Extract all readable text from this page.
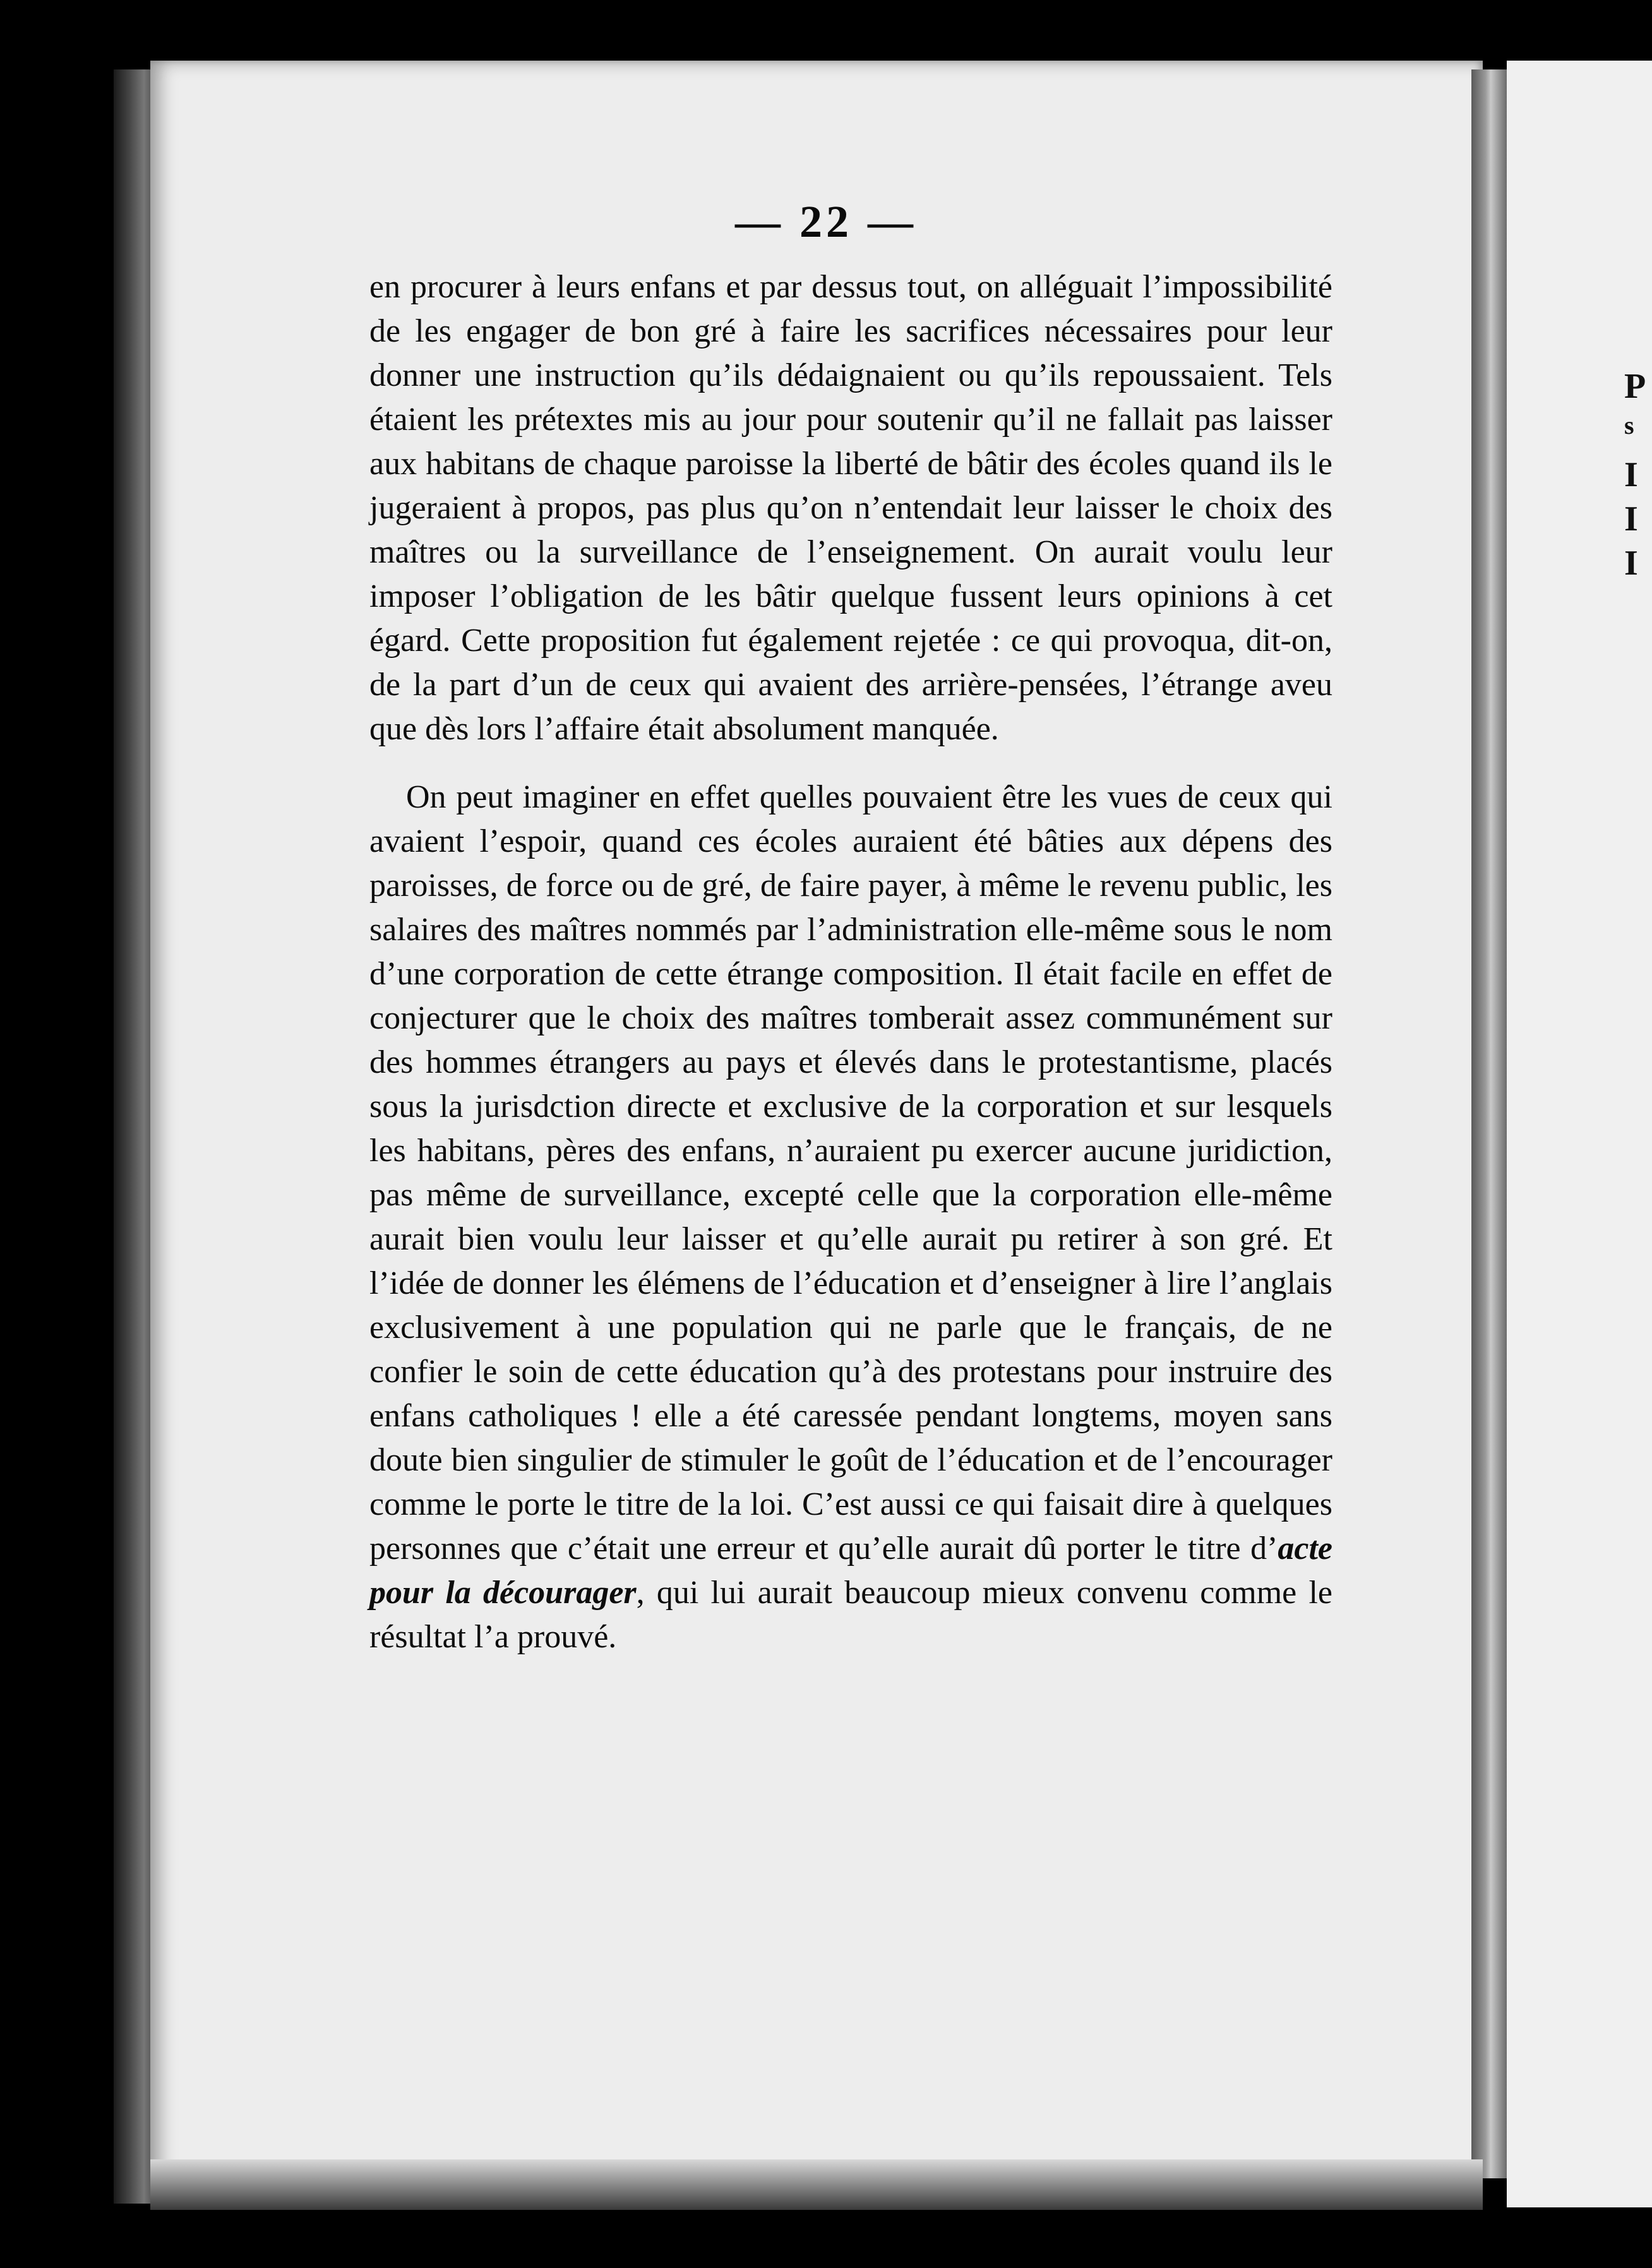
P
s
I
I
I
— 22 —

en procurer à leurs enfans et par dessus tout, on alléguait l’impossibilité de les engager de bon gré à faire les sacrifices nécessaires pour leur donner une instruction qu’ils dédaignaient ou qu’ils repoussaient. Tels étaient les prétextes mis au jour pour soutenir qu’il ne fallait pas laisser aux habitans de chaque paroisse la liberté de bâtir des écoles quand ils le jugeraient à propos, pas plus qu’on n’entendait leur laisser le choix des maîtres ou la surveillance de l’enseignement. On aurait voulu leur imposer l’obligation de les bâtir quelque fussent leurs opinions à cet égard. Cette proposition fut également rejetée : ce qui provoqua, dit-on, de la part d’un de ceux qui avaient des arrière-pensées, l’étrange aveu que dès lors l’affaire était absolument manquée.

On peut imaginer en effet quelles pouvaient être les vues de ceux qui avaient l’espoir, quand ces écoles auraient été bâties aux dépens des paroisses, de force ou de gré, de faire payer, à même le revenu public, les salaires des maîtres nommés par l’administration elle-même sous le nom d’une corporation de cette étrange composition. Il était facile en effet de conjecturer que le choix des maîtres tomberait assez communément sur des hommes étrangers au pays et élevés dans le protestantisme, placés sous la jurisdction directe et exclusive de la corporation et sur lesquels les habitans, pères des enfans, n’auraient pu exercer aucune juridiction, pas même de surveillance, excepté celle que la corporation elle-même aurait bien voulu leur laisser et qu’elle aurait pu retirer à son gré. Et l’idée de donner les élémens de l’éducation et d’enseigner à lire l’anglais exclusivement à une population qui ne parle que le français, de ne confier le soin de cette éducation qu’à des protestans pour instruire des enfans catholiques ! elle a été caressée pendant longtems, moyen sans doute bien singulier de stimuler le goût de l’éducation et de l’encourager comme le porte le titre de la loi. C’est aussi ce qui faisait dire à quelques personnes que c’était une erreur et qu’elle aurait dû porter le titre d’acte pour la décourager, qui lui aurait beaucoup mieux convenu comme le résultat l’a prouvé.
